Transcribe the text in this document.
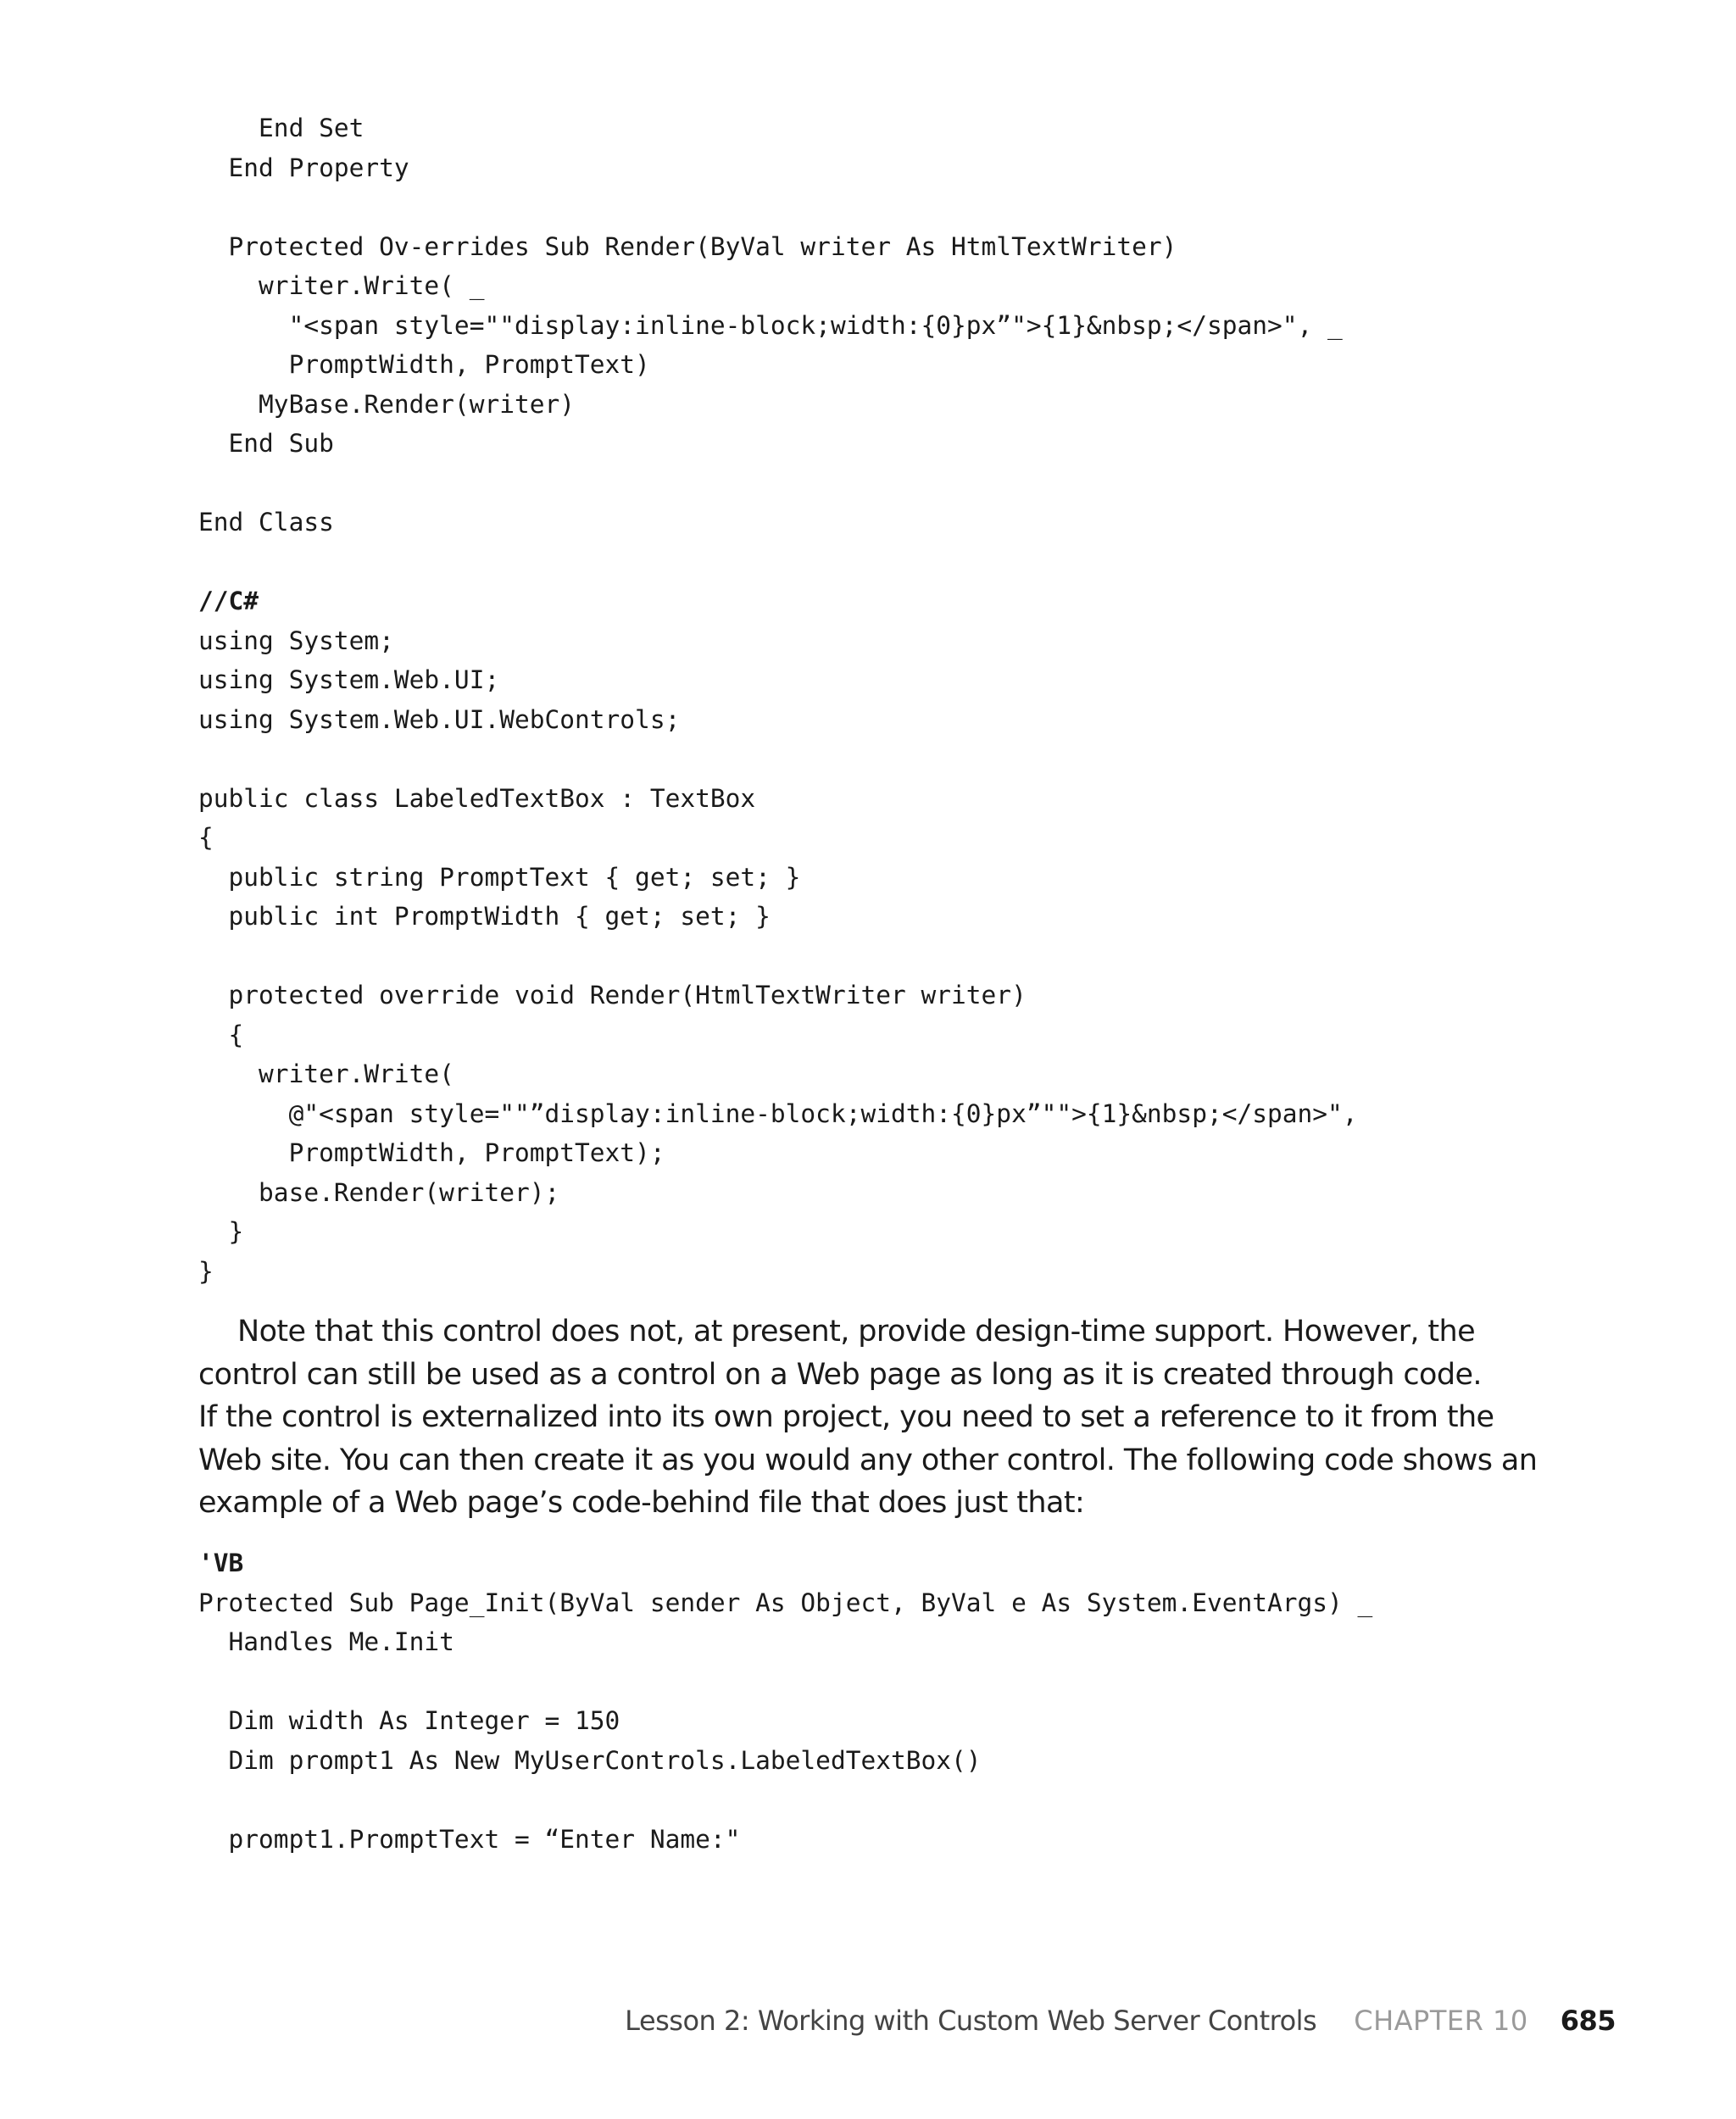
End Set
End Property
Protected Ov-errides Sub Render(ByVal writer As HtmlTextWriter)
writer.Write( _
"<span style=""display:inline-block;width:{0}px”">{1}&nbsp;</span>", _
PromptWidth, PromptText)
MyBase.Render(writer)
End Sub
End Class
//C#
using System;
using System.Web.UI;
using System.Web.UI.WebControls;
public class LabeledTextBox : TextBox
{
public string PromptText { get; set; }
public int PromptWidth { get; set; }
protected override void Render(HtmlTextWriter writer)
{
writer.Write(
@"<span style=""”display:inline-block;width:{0}px”"">{1}&nbsp;</span>",
PromptWidth, PromptText);
base.Render(writer);
}
}
Note that this control does not, at present, provide design-time support. However, the
control can still be used as a control on a Web page as long as it is created through code.
If the control is externalized into its own project, you need to set a reference to it from the
Web site. You can then create it as you would any other control. The following code shows an
example of a Web page’s code-behind file that does just that:
'VB
Protected Sub Page_Init(ByVal sender As Object, ByVal e As System.EventArgs) _
Handles Me.Init
Dim width As Integer = 150
Dim prompt1 As New MyUserControls.LabeledTextBox()
prompt1.PromptText = “Enter Name:"
Lesson 2: Working with Custom Web Server Controls CHAPTER 10 685
